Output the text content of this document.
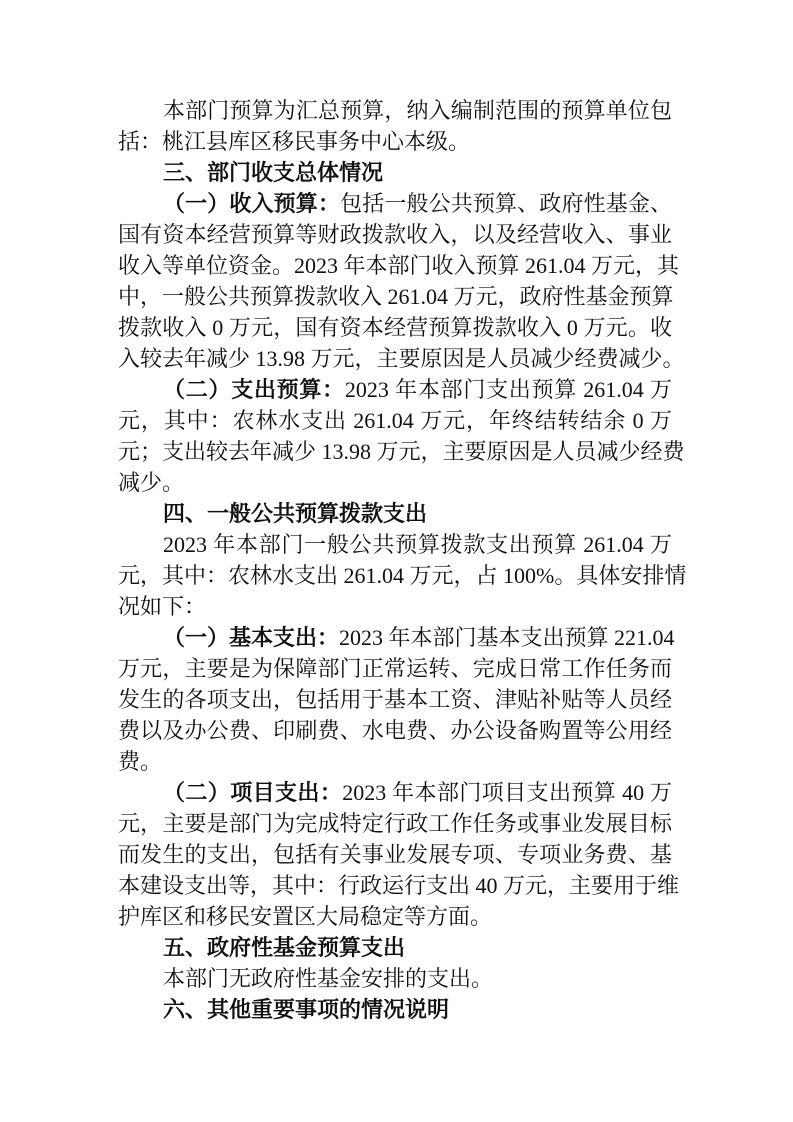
本部门预算为汇总预算，纳入编制范围的预算单位包
括：桃江县库区移民事务中心本级。
三、部门收支总体情况
（一）收入预算：包括一般公共预算、政府性基金、
国有资本经营预算等财政拨款收入，以及经营收入、事业
收入等单位资金。2023 年本部门收入预算 261.04 万元，其
中，一般公共预算拨款收入 261.04 万元，政府性基金预算
拨款收入 0 万元，国有资本经营预算拨款收入 0 万元。收
入较去年减少 13.98 万元，主要原因是人员减少经费减少。
（二）支出预算：2023 年本部门支出预算 261.04 万
元，其中：农林水支出 261.04 万元，年终结转结余 0 万
元；支出较去年减少 13.98 万元，主要原因是人员减少经费
减少。
四、一般公共预算拨款支出
2023 年本部门一般公共预算拨款支出预算 261.04 万
元，其中：农林水支出 261.04 万元，占 100%。具体安排情
况如下：
（一）基本支出：2023 年本部门基本支出预算 221.04
万元，主要是为保障部门正常运转、完成日常工作任务而
发生的各项支出，包括用于基本工资、津贴补贴等人员经
费以及办公费、印刷费、水电费、办公设备购置等公用经
费。
（二）项目支出：2023 年本部门项目支出预算 40 万
元，主要是部门为完成特定行政工作任务或事业发展目标
而发生的支出，包括有关事业发展专项、专项业务费、基
本建设支出等，其中：行政运行支出 40 万元，主要用于维
护库区和移民安置区大局稳定等方面。
五、政府性基金预算支出
本部门无政府性基金安排的支出。
六、其他重要事项的情况说明
